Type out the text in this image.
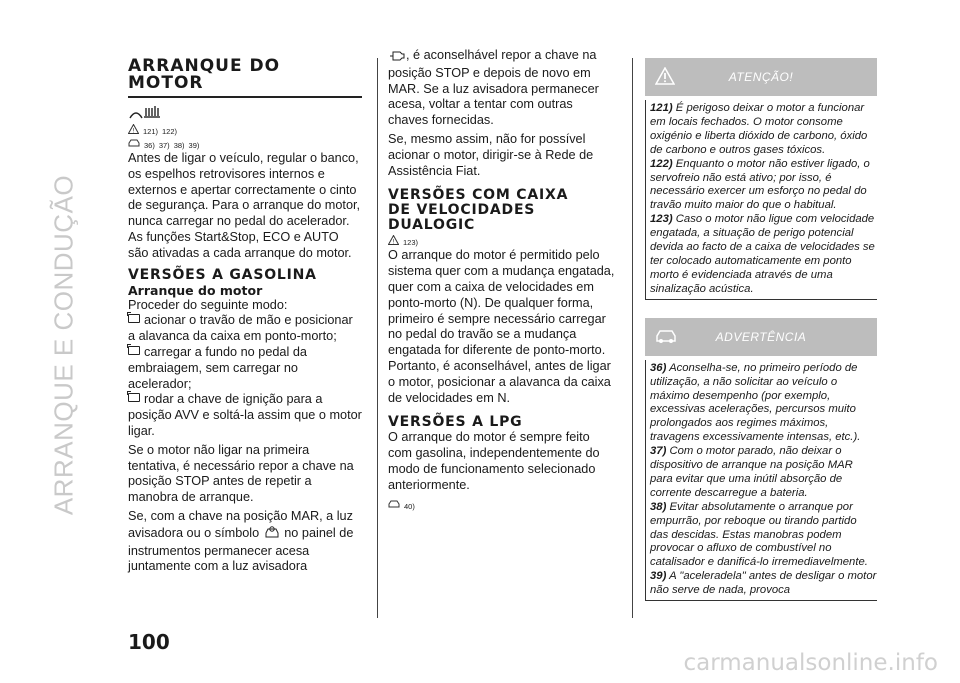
ARRANQUE E CONDUÇÃO
100
carmanualsonline.info
ARRANQUE DO
MOTOR
! 121) 122)
36) 37) 38) 39)

Antes de ligar o veículo, regular o banco, os espelhos retrovisores internos e externos e apertar correctamente o cinto de segurança. Para o arranque do motor, nunca carregar no pedal do acelerador. As funções Start&Stop, ECO e AUTO são ativadas a cada arranque do motor.

VERSÕES A GASOLINA
Arranque do motor

Proceder do seguinte modo:

acionar o travão de mão e posicionar a alavanca da caixa em ponto-morto;

carregar a fundo no pedal da embraiagem, sem carregar no acelerador;

rodar a chave de ignição para a posição AVV e soltá-la assim que o motor ligar.

Se o motor não ligar na primeira tentativa, é necessário repor a chave na posição STOP antes de repetir a manobra de arranque.

Se, com a chave na posição MAR, a luz avisadora ou o símbolo no painel de instrumentos permanecer acesa juntamente com a luz avisadora

, é aconselhável repor a chave na posição STOP e depois de novo em MAR. Se a luz avisadora permanecer acesa, voltar a tentar com outras chaves fornecidas.

Se, mesmo assim, não for possível acionar o motor, dirigir-se à Rede de Assistência Fiat.

VERSÕES COM CAIXA
DE VELOCIDADES
DUALOGIC
! 123)

O arranque do motor é permitido pelo sistema quer com a mudança engatada, quer com a caixa de velocidades em ponto-morto (N). De qualquer forma, primeiro é sempre necessário carregar no pedal do travão se a mudança engatada for diferente de ponto-morto. Portanto, é aconselhável, antes de ligar o motor, posicionar a alavanca da caixa de velocidades em N.

VERSÕES A LPG

O arranque do motor é sempre feito com gasolina, independentemente do modo de funcionamento selecionado anteriormente.

40)
ATENÇÃO!

121) É perigoso deixar o motor a funcionar em locais fechados. O motor consome oxigénio e liberta dióxido de carbono, óxido de carbono e outros gases tóxicos.

122) Enquanto o motor não estiver ligado, o servofreio não está ativo; por isso, é necessário exercer um esforço no pedal do travão muito maior do que o habitual.

123) Caso o motor não ligue com velocidade engatada, a situação de perigo potencial devida ao facto de a caixa de velocidades se ter colocado automaticamente em ponto morto é evidenciada através de uma sinalização acústica.

ADVERTÊNCIA

36) Aconselha-se, no primeiro período de utilização, a não solicitar ao veículo o máximo desempenho (por exemplo, excessivas acelerações, percursos muito prolongados aos regimes máximos, travagens excessivamente intensas, etc.).

37) Com o motor parado, não deixar o dispositivo de arranque na posição MAR para evitar que uma inútil absorção de corrente descarregue a bateria.

38) Evitar absolutamente o arranque por empurrão, por reboque ou tirando partido das descidas. Estas manobras podem provocar o afluxo de combustível no catalisador e danificá-lo irremediavelmente.

39) A "aceleradela" antes de desligar o motor não serve de nada, provoca
